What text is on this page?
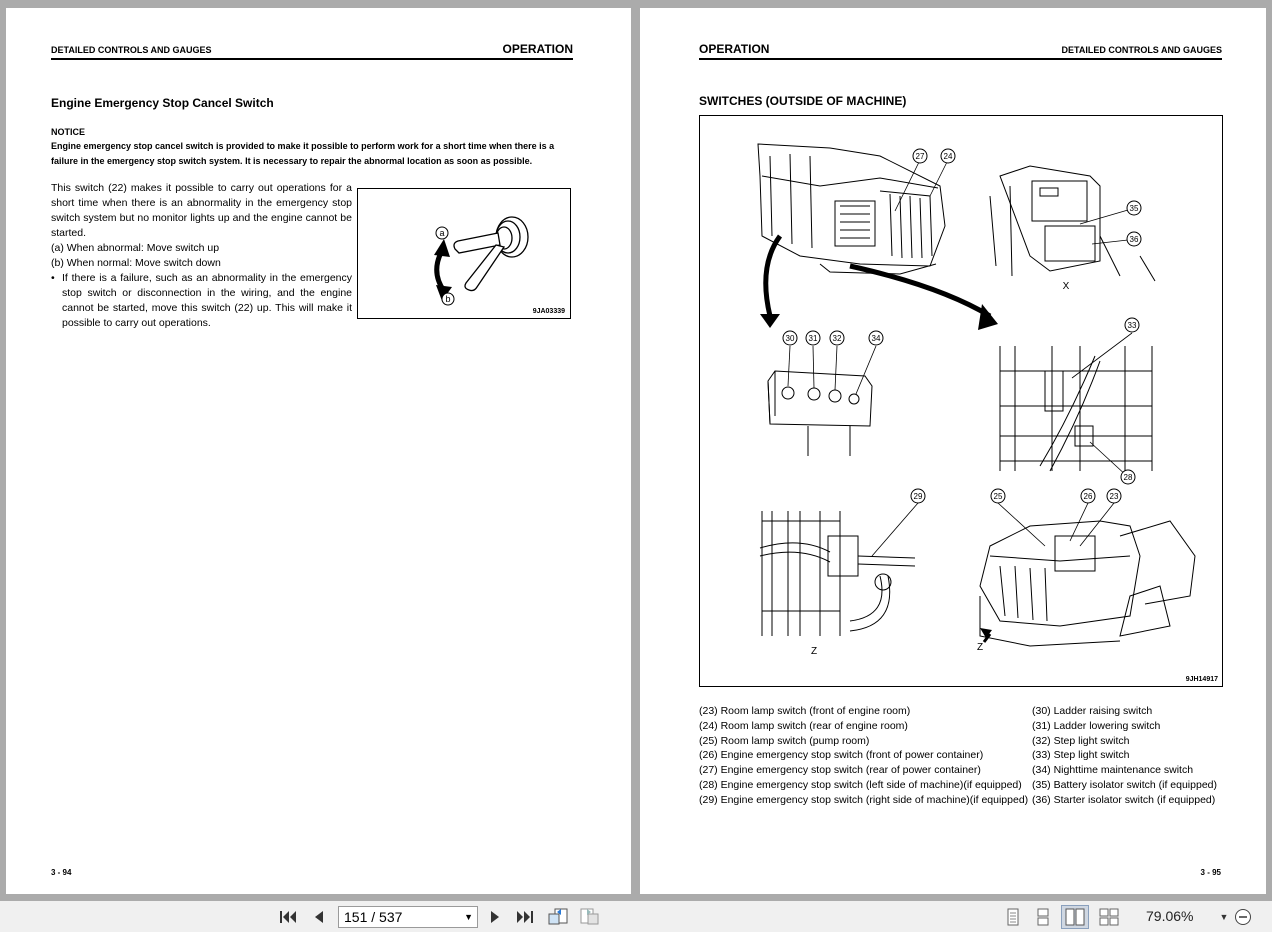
DETAILED CONTROLS AND GAUGES	OPERATION
Engine Emergency Stop Cancel Switch
NOTICE
Engine emergency stop cancel switch is provided to make it possible to perform work for a short time when there is a failure in the emergency stop switch system. It is necessary to repair the abnormal location as soon as possible.
This switch (22) makes it possible to carry out operations for a short time when there is an abnormality in the emergency stop switch system but no monitor lights up and the engine cannot be started.
(a) When abnormal: Move switch up
(b) When normal: Move switch down
• If there is a failure, such as an abnormality in the emergency stop switch or disconnection in the wiring, and the engine cannot be started, move this switch (22) up. This will make it possible to carry out operations.
a
b
9JA03339
3 - 94
OPERATION	DETAILED CONTROLS AND GAUGES
SWITCHES (OUTSIDE OF MACHINE)
27 24
35
36
30 31 32	34
33
28
29	25	26 23
X
Z	Z
9JH14917
(23) Room lamp switch (front of engine room)
(24) Room lamp switch (rear of engine room)
(25) Room lamp switch (pump room)
(26) Engine emergency stop switch (front of power container)
(27) Engine emergency stop switch (rear of power container)
(28) Engine emergency stop switch (left side of machine)(if equipped)
(29) Engine emergency stop switch (right side of machine)(if equipped)
(30) Ladder raising switch
(31) Ladder lowering switch
(32) Step light switch
(33) Step light switch
(34) Nighttime maintenance switch
(35) Battery isolator switch (if equipped)
(36) Starter isolator switch (if equipped)
3 - 95
151 / 537	▼	79.06%	▼
